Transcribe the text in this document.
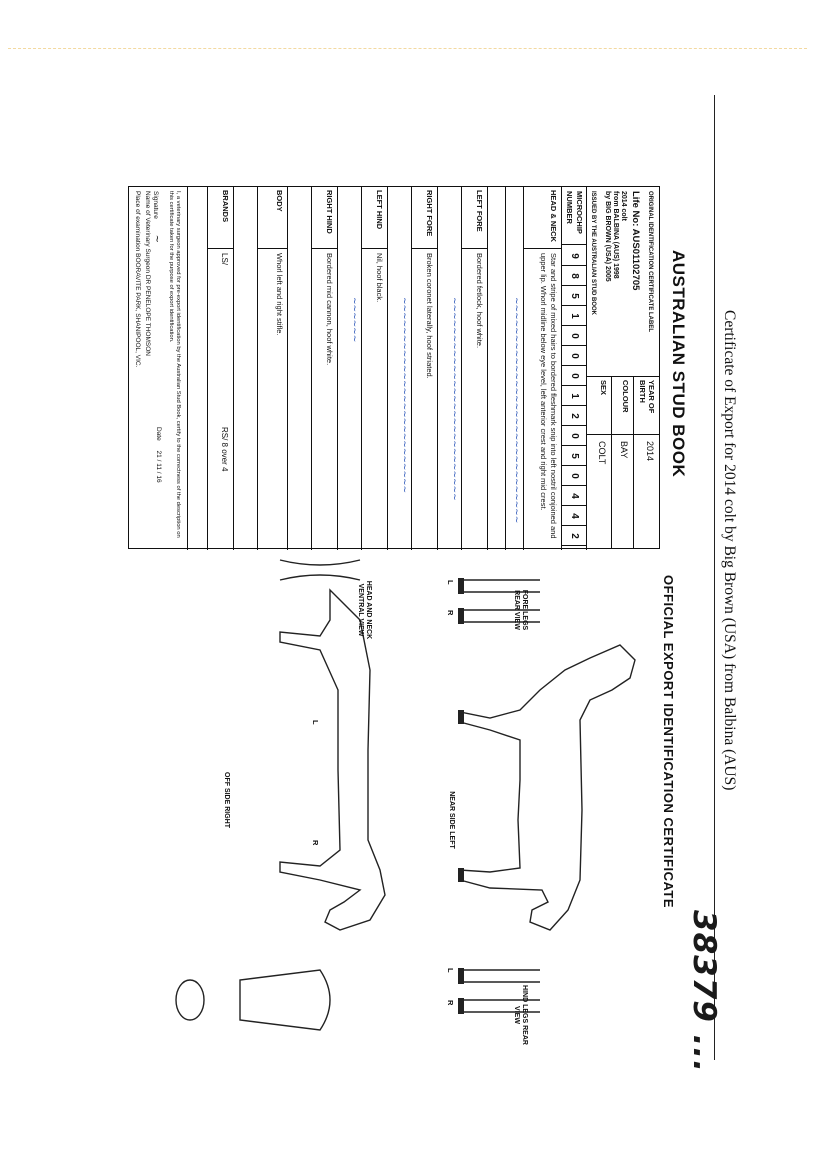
Certificate of Export for 2014 colt by Big Brown (USA) from Balbina (AUS)
38379 ...
AUSTRALIAN STUD BOOK
ORIGINAL IDENTIFICATION CERTIFICATE LABEL
Life No: AUS01102705
2014 colt
from BALBINA (AUS) 1998
by BIG BROWN (USA) 2005
ISSUED BY THE AUSTRALIAN STUD BOOK
YEAR OF BIRTH
2014
COLOUR
BAY
SEX
COLT
MICROCHIP NUMBER
9
8
5
1
0
0
0
1
2
0
5
0
4
4
2
HEAD & NECK
Star and stripe of mixed hairs to bordered fleshmark snip into left nostril conjoined and upper lip. Whorl midline below eye level, left anterior crest and right mid crest.
LEFT FORE
Bordered fetlock, hoof white.
RIGHT FORE
Broken coronet laterally, hoof striated.
LEFT HIND
Nil, hoof black.
RIGHT HIND
Bordered mid cannon, hoof white.
BODY
Whorl left and right stifle.
BRANDS
LS/
RS/ 8 over 4
I, a veterinary surgeon approved for pre-export identification by the Australian Stud Book, certify to the correctness of the description on this certificate taken for the purpose of export identification.
Signature ~
Date 21 / 11 / 16
Name of Veterinary Surgeon DR PENELOPE THOMSON
Place of examination BOORAVITE PARK, SHANIPOOL, VIC.	~~~~~~~~~~~~~~~~~~~~~~~~~~~~~~
~~~~~~~~~~~~~~~~~~~~~~~~~~~
~~~~~~~~~~~~~~~~~~~~~~~~~~
~~~~~~
OFFICIAL EXPORT IDENTIFICATION CERTIFICATE
FORE LEGS REAR VIEW
NEAR SIDE LEFT
HIND LEGS REAR VIEW
HEAD AND NECK VENTRAL VIEW
OFF SIDE RIGHT
L
R
L
R
L
R
